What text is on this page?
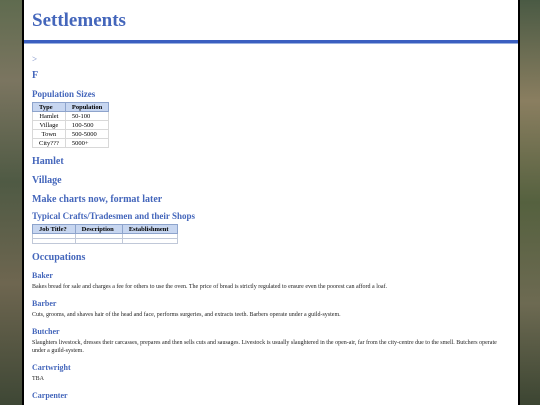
Settlements
>
F
Population Sizes
Type	Population
Hamlet	50-100
Village	100-500
Town	500-5000
City???	5000+
Hamlet
Village
Make charts now, format later
Typical Crafts/Tradesmen and their Shops
Job Title?	Description	Establishment

Occupations
Baker

Bakes bread for sale and charges a fee for others to use the oven. The price of bread is strictly regulated to ensure even the poorest can afford a loaf.

Barber

Cuts, grooms, and shaves hair of the head and face, performs surgeries, and extracts teeth. Barbers operate under a guild-system.

Butcher

Slaughters livestock, dresses their carcasses, prepares and then sells cuts and sausages. Livestock is usually slaughtered in the open-air, far from the city-centre due to the smell. Butchers operate under a guild-system.

Cartwright

TBA

Carpenter
